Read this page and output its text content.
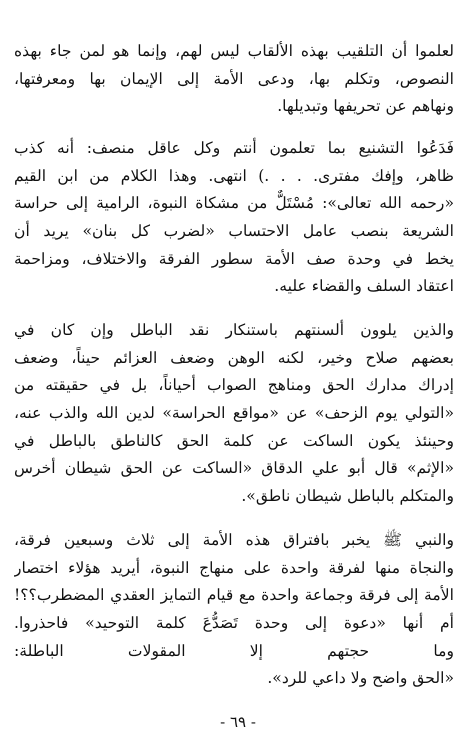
لعلموا أن التلقيب بهذه الألقاب ليس لهم، وإنما هو لمن جاء بهذه
النصوص، وتكلم بها، ودعى الأمة إلى الإيمان بها ومعرفتها،
ونهاهم عن تحريفها وتبديلها.
فَدَعُوا التشنيع بما تعلمون أنتم وكل عاقل منصف: أنه كذب
ظاهر، وإفك مفترى. . . .) انتهى. وهذا الكلام من ابن القيم
«رحمه الله تعالى»: مُسْتَلٌّ من مشكاة النبوة، الرامية إلى حراسة
الشريعة بنصب عامل الاحتساب «لضرب كل بنان» يريد أن
يخط في وحدة صف الأمة سطور الفرقة والاختلاف، ومزاحمة
اعتقاد السلف والقضاء عليه.
والذين يلوون ألسنتهم باستنكار نقد الباطل وإن كان في
بعضهم صلاح وخير، لكنه الوهن وضعف العزائم حيناً، وضعف
إدراك مدارك الحق ومناهج الصواب أحياناً، بل في حقيقته من
«التولي يوم الزحف» عن «مواقع الحراسة» لدين الله والذب عنه،
وحينئذ يكون الساكت عن كلمة الحق كالناطق بالباطل في
«الإثم» قال أبو علي الدقاق «الساكت عن الحق شيطان أخرس
والمتكلم بالباطل شيطان ناطق».
والنبي ﷺ يخبر بافتراق هذه الأمة إلى ثلاث وسبعين فرقة،
والنجاة منها لفرقة واحدة على منهاج النبوة، أيريد هؤلاء اختصار
الأمة إلى فرقة وجماعة واحدة مع قيام التمايز العقدي المضطرب؟؟!
أم أنها «دعوة إلى وحدة تَصَدُّعَ كلمة التوحيد» فاحذروا.
وما حجتهم إلا المقولات الباطلة:
«الحق واضح ولا داعي للرد».
- ٦٩ -
